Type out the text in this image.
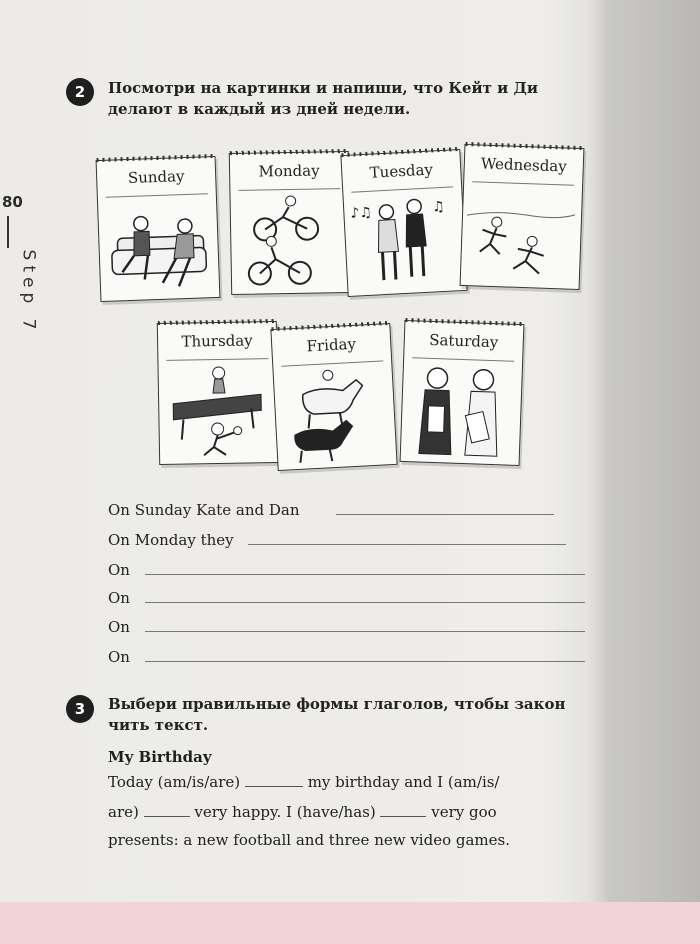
80
Step 7
2	Посмотри на картинки и напиши, что Кейт и Ди
делают в каждый из дней недели.
Sunday	Monday	Tuesday
♪♫	♫
Wednesday
Thursday	Friday	Saturday
On Sunday Kate and Dan
On Monday they
On
On
On
On
3	Выбери правильные формы глаголов, чтобы закон
чить текст.
My Birthday
Today (am/is/are)	my birthday and I (am/is/
are)	very happy. I (have/has)	very goo
presents: a new football and three new video games.
